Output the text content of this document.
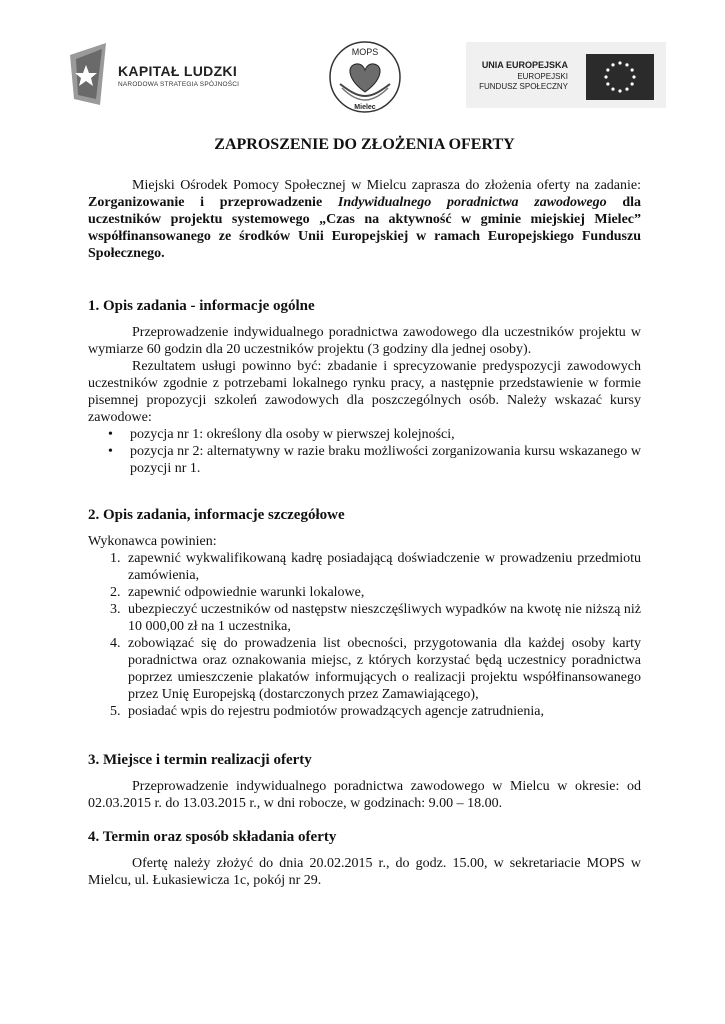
KAPITAŁ LUDZKI
NARODOWA STRATEGIA SPÓJNOŚCI
MOPS
Mielec
UNIA EUROPEJSKA
EUROPEJSKI
FUNDUSZ SPOŁECZNY
ZAPROSZENIE DO ZŁOŻENIA OFERTY

Miejski Ośrodek Pomocy Społecznej w Mielcu zaprasza do złożenia oferty na zadanie: Zorganizowanie i przeprowadzenie Indywidualnego poradnictwa zawodowego dla uczestników projektu systemowego „Czas na aktywność w gminie miejskiej Mielec” współfinansowanego ze środków Unii Europejskiej w ramach Europejskiego Funduszu Społecznego.

1. Opis zadania - informacje ogólne

Przeprowadzenie indywidualnego poradnictwa zawodowego dla uczestników projektu w wymiarze 60 godzin dla 20 uczestników projektu (3 godziny dla jednej osoby).

Rezultatem usługi powinno być: zbadanie i sprecyzowanie predyspozycji zawodowych uczestników zgodnie z potrzebami lokalnego rynku pracy, a następnie przedstawienie w formie pisemnej propozycji szkoleń zawodowych dla poszczególnych osób. Należy wskazać kursy zawodowe:

• pozycja nr 1: określony dla osoby w pierwszej kolejności,
• pozycja nr 2: alternatywny w razie braku możliwości zorganizowania kursu wskazanego w pozycji nr 1.
2. Opis zadania, informacje szczegółowe

Wykonawca powinien:

1. zapewnić wykwalifikowaną kadrę posiadającą doświadczenie w prowadzeniu przedmiotu zamówienia,
2. zapewnić odpowiednie warunki lokalowe,
3. ubezpieczyć uczestników od następstw nieszczęśliwych wypadków na kwotę nie niższą niż 10 000,00 zł na 1 uczestnika,
4. zobowiązać się do prowadzenia list obecności, przygotowania dla każdej osoby karty poradnictwa oraz oznakowania miejsc, z których korzystać będą uczestnicy poradnictwa poprzez umieszczenie plakatów informujących o realizacji projektu współfinansowanego przez Unię Europejską (dostarczonych przez Zamawiającego),
5. posiadać wpis do rejestru podmiotów prowadzących agencje zatrudnienia,
3. Miejsce i termin realizacji oferty

Przeprowadzenie indywidualnego poradnictwa zawodowego w Mielcu w okresie: od 02.03.2015 r. do 13.03.2015 r., w dni robocze, w godzinach: 9.00 – 18.00.

4. Termin oraz sposób składania oferty

Ofertę należy złożyć do dnia 20.02.2015 r., do godz. 15.00, w sekretariacie MOPS w Mielcu, ul. Łukasiewicza 1c, pokój nr 29.
